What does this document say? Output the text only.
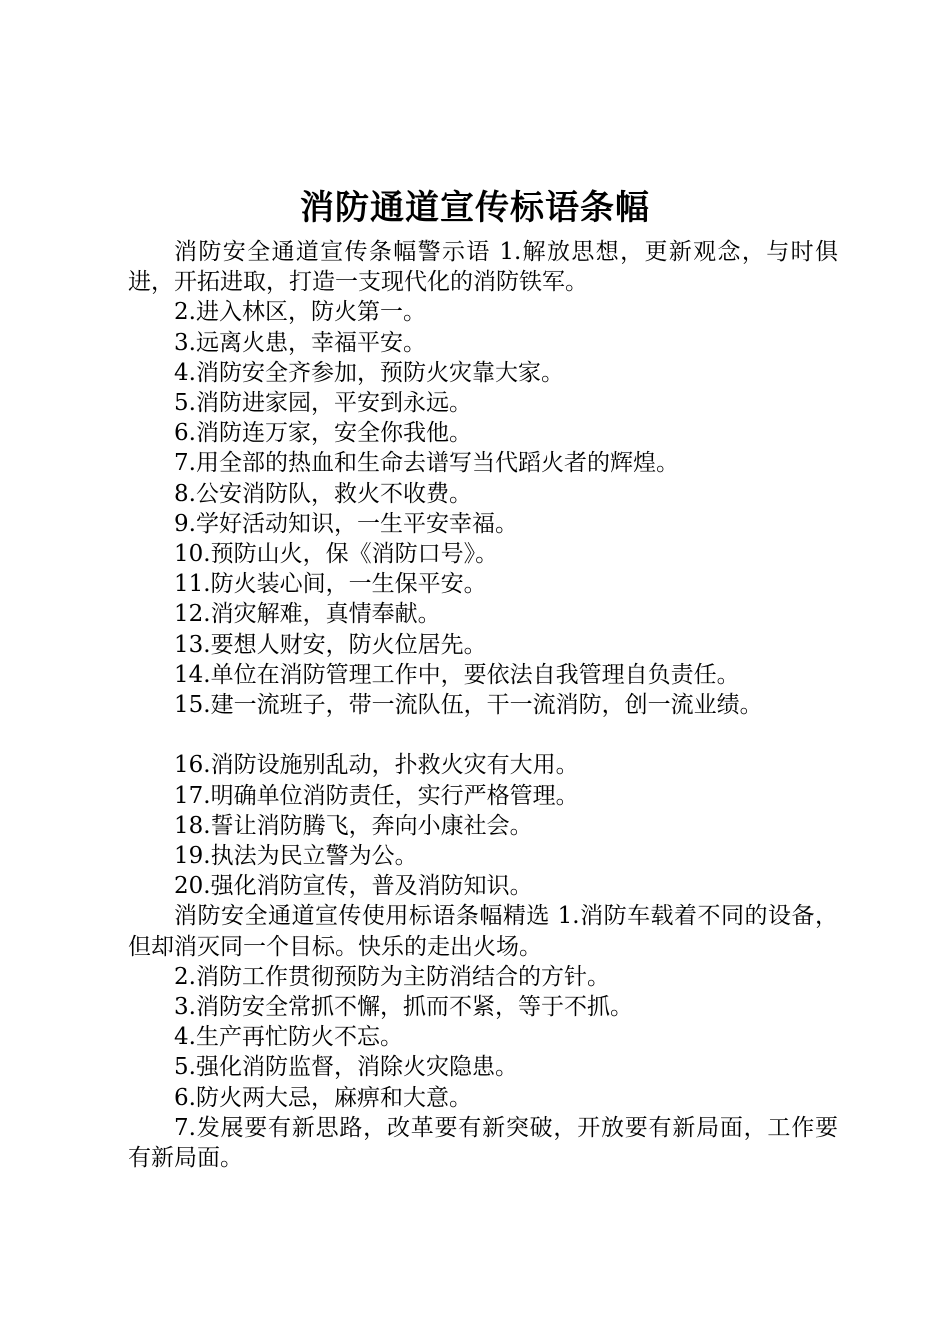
消防通道宣传标语条幅

消防安全通道宣传条幅警示语 1.解放思想，更新观念，与时俱进，开拓进取，打造一支现代化的消防铁军。

2.进入林区，防火第一。

3.远离火患，幸福平安。

4.消防安全齐参加，预防火灾靠大家。

5.消防进家园，平安到永远。

6.消防连万家，安全你我他。

7.用全部的热血和生命去谱写当代蹈火者的辉煌。

8.公安消防队，救火不收费。

9.学好活动知识，一生平安幸福。

10.预防山火，保《消防口号》。

11.防火装心间，一生保平安。

12.消灾解难，真情奉献。

13.要想人财安，防火位居先。

14.单位在消防管理工作中，要依法自我管理自负责任。

15.建一流班子，带一流队伍，干一流消防，创一流业绩。

16.消防设施别乱动，扑救火灾有大用。

17.明确单位消防责任，实行严格管理。

18.誓让消防腾飞，奔向小康社会。

19.执法为民立警为公。

20.强化消防宣传，普及消防知识。

消防安全通道宣传使用标语条幅精选 1.消防车载着不同的设备，但却消灭同一个目标。快乐的走出火场。

2.消防工作贯彻预防为主防消结合的方针。

3.消防安全常抓不懈，抓而不紧，等于不抓。

4.生产再忙防火不忘。

5.强化消防监督，消除火灾隐患。

6.防火两大忌，麻痹和大意。

7.发展要有新思路，改革要有新突破，开放要有新局面，工作要有新局面。
